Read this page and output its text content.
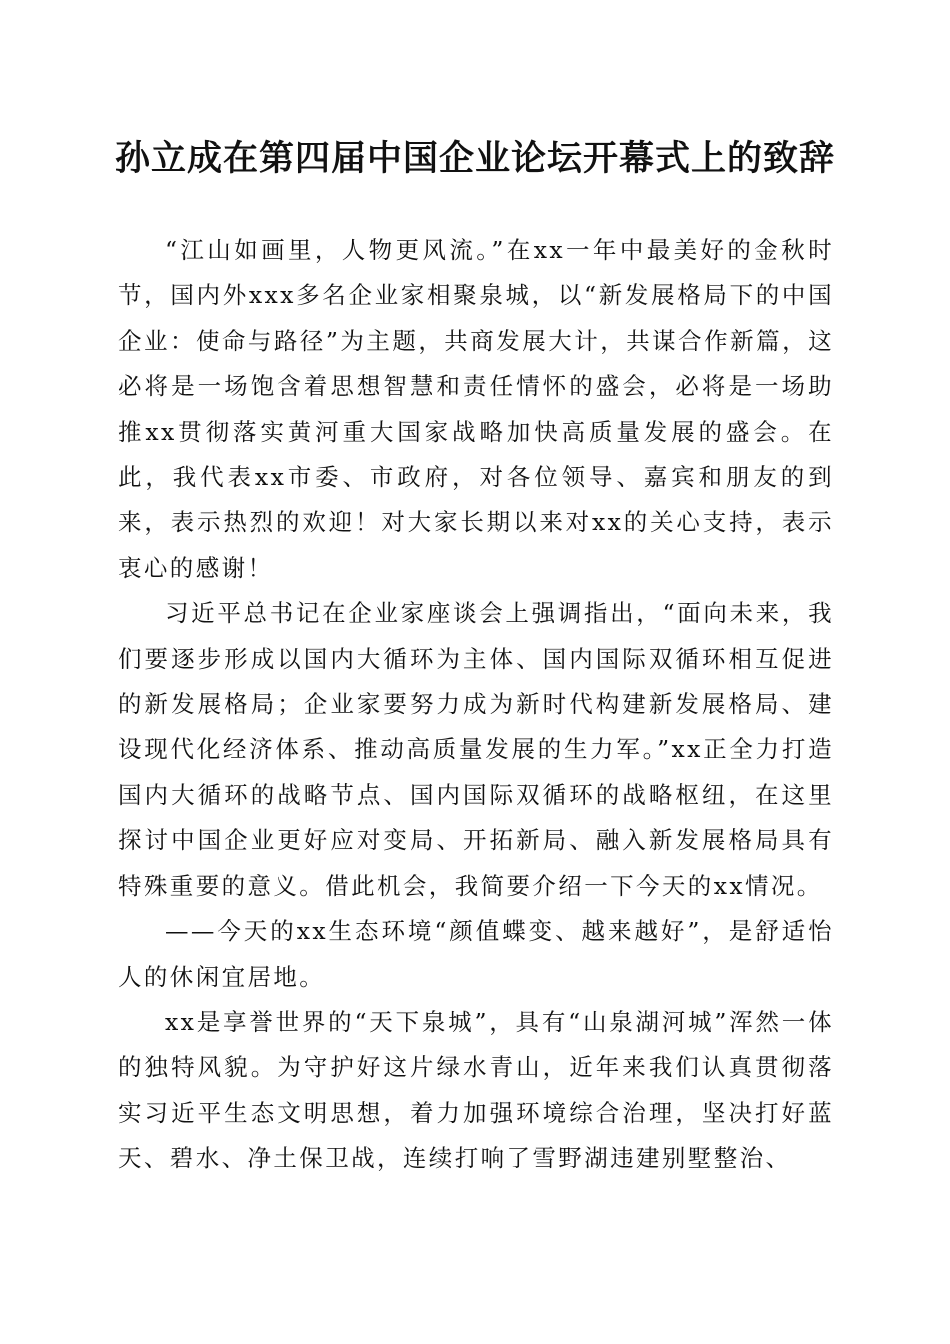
孙立成在第四届中国企业论坛开幕式上的致辞

“江山如画里，人物更风流。”在xx一年中最美好的金秋时节，国内外xxx多名企业家相聚泉城，以“新发展格局下的中国企业：使命与路径”为主题，共商发展大计，共谋合作新篇，这必将是一场饱含着思想智慧和责任情怀的盛会，必将是一场助推xx贯彻落实黄河重大国家战略加快高质量发展的盛会。在此，我代表xx市委、市政府，对各位领导、嘉宾和朋友的到来，表示热烈的欢迎！对大家长期以来对xx的关心支持，表示衷心的感谢！

习近平总书记在企业家座谈会上强调指出，“面向未来，我们要逐步形成以国内大循环为主体、国内国际双循环相互促进的新发展格局；企业家要努力成为新时代构建新发展格局、建设现代化经济体系、推动高质量发展的生力军。”xx正全力打造国内大循环的战略节点、国内国际双循环的战略枢纽，在这里探讨中国企业更好应对变局、开拓新局、融入新发展格局具有特殊重要的意义。借此机会，我简要介绍一下今天的xx情况。

——今天的xx生态环境“颜值蝶变、越来越好”，是舒适怡人的休闲宜居地。

xx是享誉世界的“天下泉城”，具有“山泉湖河城”浑然一体的独特风貌。为守护好这片绿水青山，近年来我们认真贯彻落实习近平生态文明思想，着力加强环境综合治理，坚决打好蓝天、碧水、净土保卫战，连续打响了雪野湖违建别墅整治、
